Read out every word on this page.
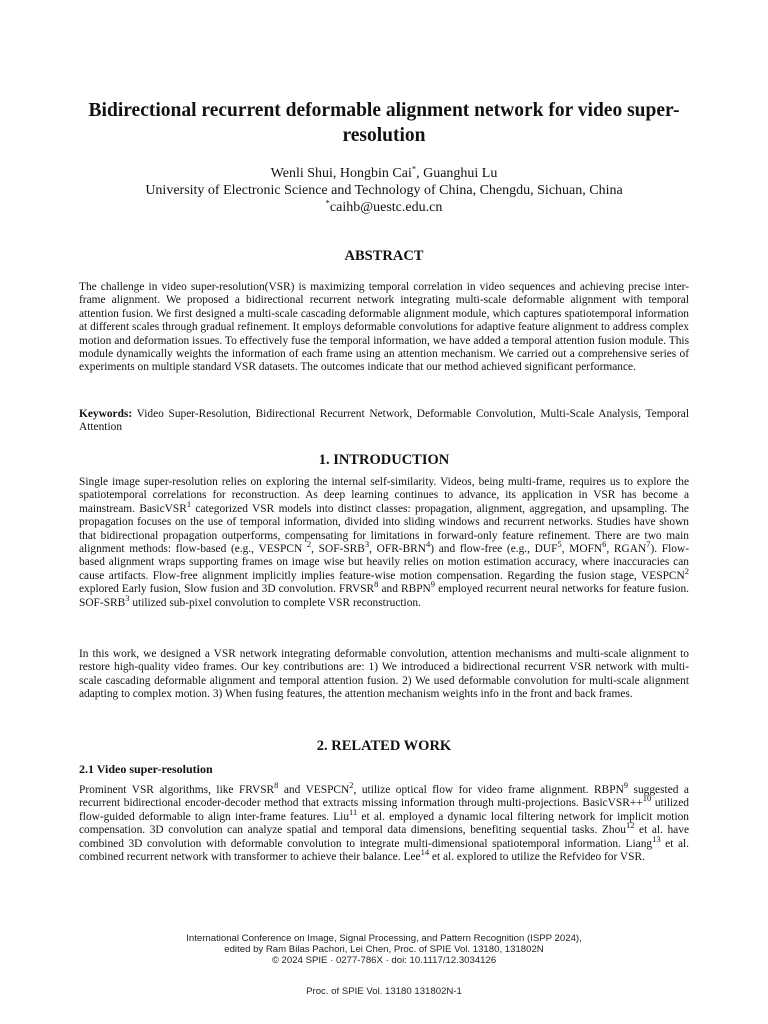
Bidirectional recurrent deformable alignment network for video super-resolution
Wenli Shui, Hongbin Cai*, Guanghui Lu
University of Electronic Science and Technology of China, Chengdu, Sichuan, China
*caihb@uestc.edu.cn
ABSTRACT

The challenge in video super-resolution(VSR) is maximizing temporal correlation in video sequences and achieving precise inter-frame alignment. We proposed a bidirectional recurrent network integrating multi-scale deformable alignment with temporal attention fusion. We first designed a multi-scale cascading deformable alignment module, which captures spatiotemporal information at different scales through gradual refinement. It employs deformable convolutions for adaptive feature alignment to address complex motion and deformation issues. To effectively fuse the temporal information, we have added a temporal attention fusion module. This module dynamically weights the information of each frame using an attention mechanism. We carried out a comprehensive series of experiments on multiple standard VSR datasets. The outcomes indicate that our method achieved significant performance.

Keywords: Video Super-Resolution, Bidirectional Recurrent Network, Deformable Convolution, Multi-Scale Analysis, Temporal Attention

1. INTRODUCTION

Single image super-resolution relies on exploring the internal self-similarity. Videos, being multi-frame, requires us to explore the spatiotemporal correlations for reconstruction. As deep learning continues to advance, its application in VSR has become a mainstream. BasicVSR$^1$ categorized VSR models into distinct classes: propagation, alignment, aggregation, and upsampling. The propagation focuses on the use of temporal information, divided into sliding windows and recurrent networks. Studies have shown that bidirectional propagation outperforms, compensating for limitations in forward-only feature refinement. There are two main alignment methods: flow-based (e.g., VESPCN $^2$, SOF-SRB$^3$, OFR-BRN$^4$) and flow-free (e.g., DUF$^5$, MOFN$^6$, RGAN$^7$). Flow-based alignment wraps supporting frames on image wise but heavily relies on motion estimation accuracy, where inaccuracies can cause artifacts. Flow-free alignment implicitly implies feature-wise motion compensation. Regarding the fusion stage, VESPCN$^2$ explored Early fusion, Slow fusion and 3D convolution. FRVSR$^8$ and RBPN$^9$ employed recurrent neural networks for feature fusion. SOF-SRB$^3$ utilized sub-pixel convolution to complete VSR reconstruction.

In this work, we designed a VSR network integrating deformable convolution, attention mechanisms and multi-scale alignment to restore high-quality video frames. Our key contributions are: 1) We introduced a bidirectional recurrent VSR network with multi-scale cascading deformable alignment and temporal attention fusion. 2) We used deformable convolution for multi-scale alignment adapting to complex motion. 3) When fusing features, the attention mechanism weights info in the front and back frames.

2. RELATED WORK
2.1 Video super-resolution

Prominent VSR algorithms, like FRVSR$^8$ and VESPCN$^2$, utilize optical flow for video frame alignment. RBPN$^9$ suggested a recurrent bidirectional encoder-decoder method that extracts missing information through multi-projections. BasicVSR++$^{10}$ utilized flow-guided deformable to align inter-frame features. Liu$^{11}$ et al. employed a dynamic local filtering network for implicit motion compensation. 3D convolution can analyze spatial and temporal data dimensions, benefiting sequential tasks. Zhou$^{12}$ et al. have combined 3D convolution with deformable convolution to integrate multi-dimensional spatiotemporal information. Liang$^{13}$ et al. combined recurrent network with transformer to achieve their balance. Lee$^{14}$ et al. explored to utilize the Refvideo for VSR.

International Conference on Image, Signal Processing, and Pattern Recognition (ISPP 2024),
edited by Ram Bilas Pachori, Lei Chen, Proc. of SPIE Vol. 13180, 131802N
© 2024 SPIE · 0277-786X · doi: 10.1117/12.3034126
Proc. of SPIE Vol. 13180 131802N-1
